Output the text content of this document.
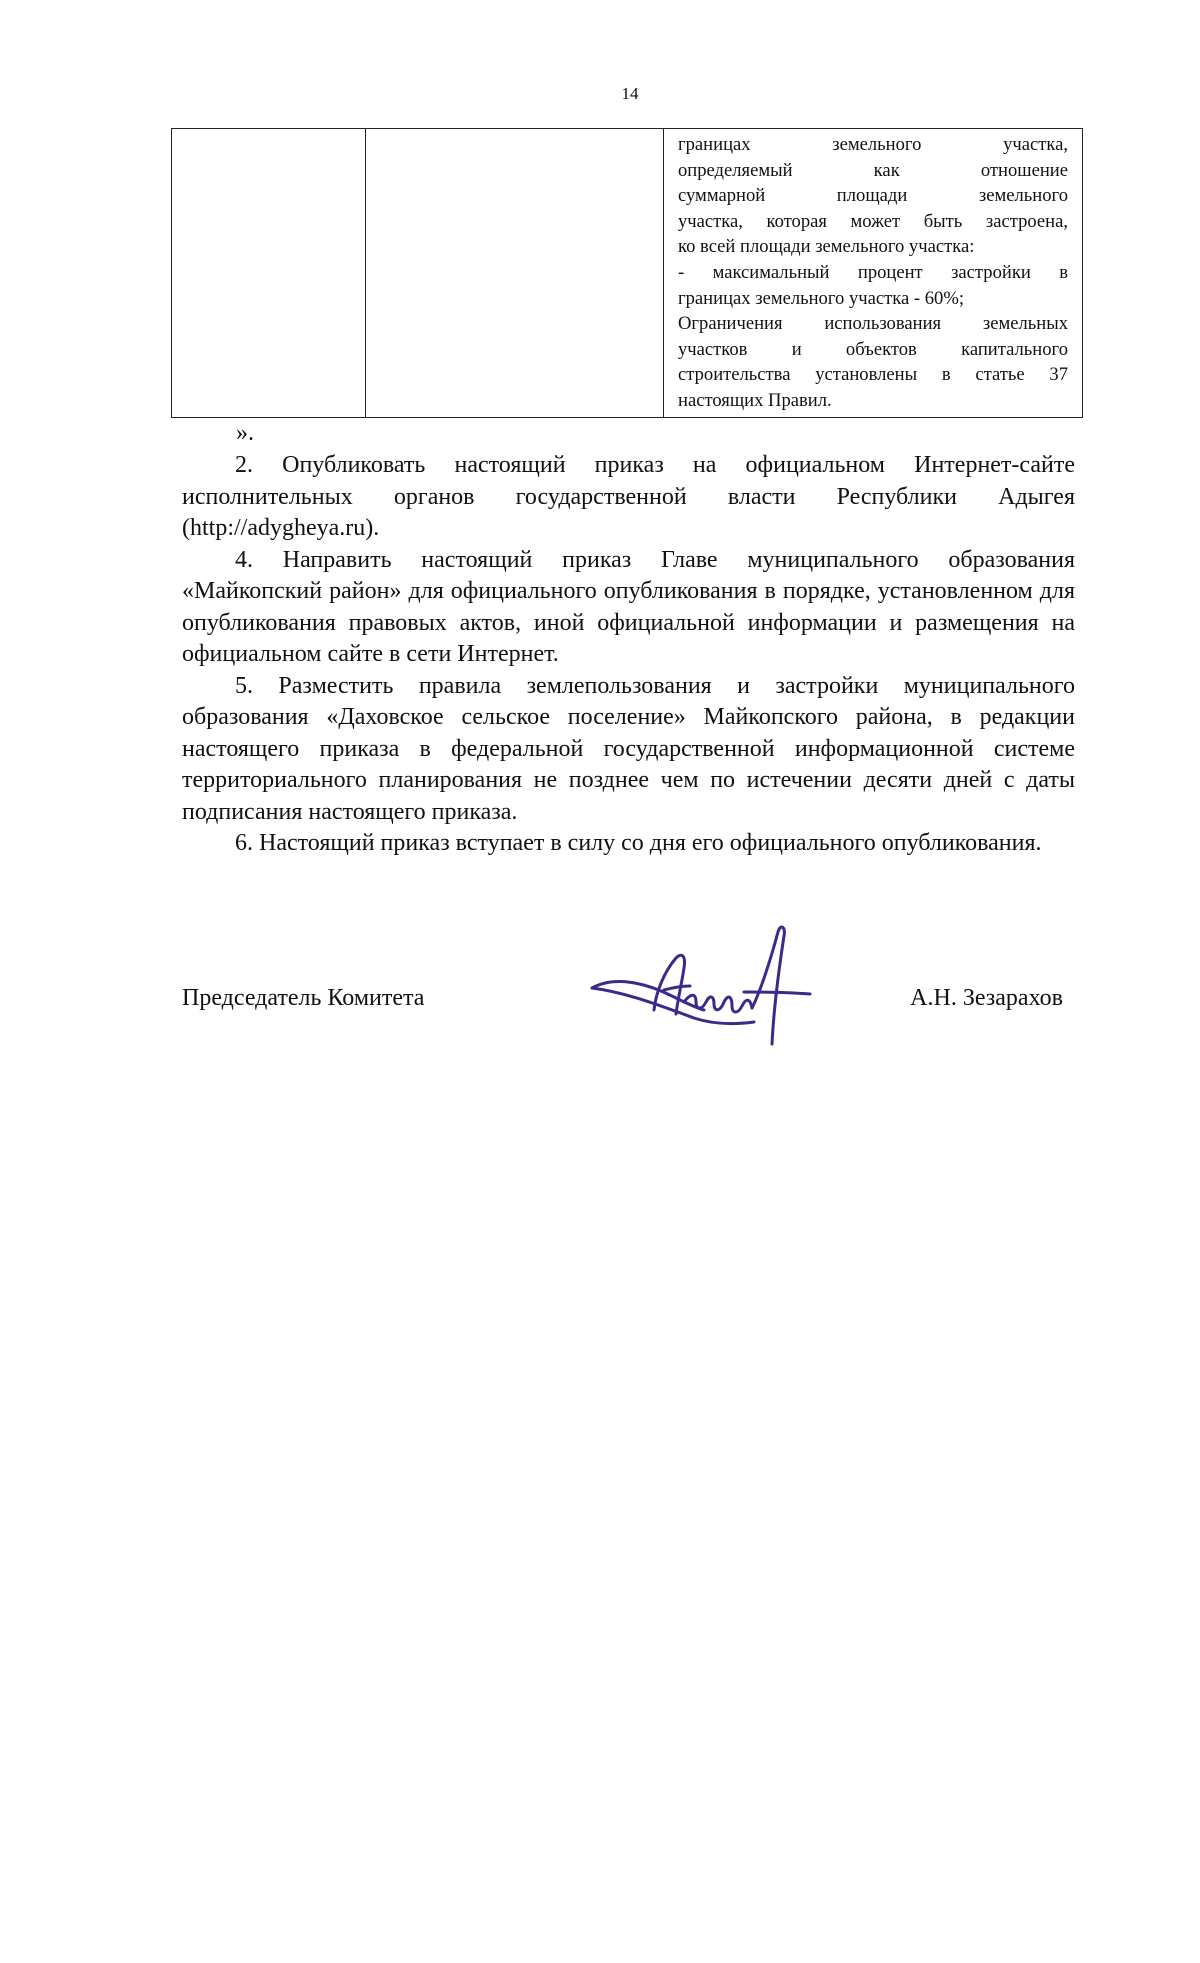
14

границах земельного участка,
определяемый как отношение
суммарной площади земельного
участка, которая может быть застроена,
ко всей площади земельного участка:
- максимальный процент застройки в
границах земельного участка - 60%;
Ограничения использования земельных
участков и объектов капитального
строительства установлены в статье 37
настоящих Правил.
».

2. Опубликовать настоящий приказ на официальном Интернет-сайте исполнительных органов государственной власти Республики Адыгея (http://adygheya.ru).

4. Направить настоящий приказ Главе муниципального образования «Майкопский район» для официального опубликования в порядке, установленном для опубликования правовых актов, иной официальной информации и размещения на официальном сайте в сети Интернет.

5. Разместить правила землепользования и застройки муниципального образования «Даховское сельское поселение» Майкопского района, в редакции настоящего приказа в федеральной государственной информационной системе территориального планирования не позднее чем по истечении десяти дней с даты подписания настоящего приказа.

6. Настоящий приказ вступает в силу со дня его официального опубликования.

Председатель Комитета	А.Н. Зезарахов
